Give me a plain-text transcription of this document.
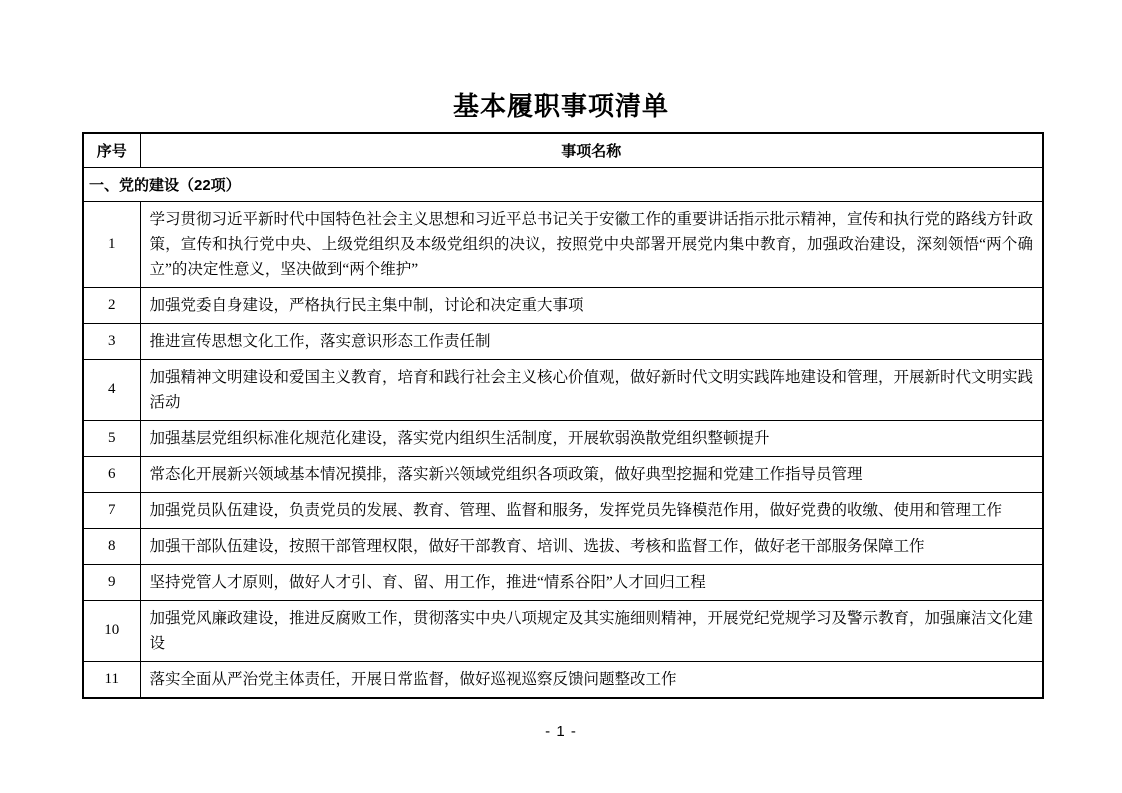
基本履职事项清单
序号	事项名称
一、党的建设（22项）	
1	学习贯彻习近平新时代中国特色社会主义思想和习近平总书记关于安徽工作的重要讲话指示批示精神，宣传和执行党的路线方针政策，宣传和执行党中央、上级党组织及本级党组织的决议，按照党中央部署开展党内集中教育，加强政治建设，深刻领悟“两个确立”的决定性意义，坚决做到“两个维护”
2	加强党委自身建设，严格执行民主集中制，讨论和决定重大事项
3	推进宣传思想文化工作，落实意识形态工作责任制
4	加强精神文明建设和爱国主义教育，培育和践行社会主义核心价值观，做好新时代文明实践阵地建设和管理，开展新时代文明实践活动
5	加强基层党组织标准化规范化建设，落实党内组织生活制度，开展软弱涣散党组织整顿提升
6	常态化开展新兴领域基本情况摸排，落实新兴领域党组织各项政策，做好典型挖掘和党建工作指导员管理
7	加强党员队伍建设，负责党员的发展、教育、管理、监督和服务，发挥党员先锋模范作用，做好党费的收缴、使用和管理工作
8	加强干部队伍建设，按照干部管理权限，做好干部教育、培训、选拔、考核和监督工作，做好老干部服务保障工作
9	坚持党管人才原则，做好人才引、育、留、用工作，推进“情系谷阳”人才回归工程
10	加强党风廉政建设，推进反腐败工作，贯彻落实中央八项规定及其实施细则精神，开展党纪党规学习及警示教育，加强廉洁文化建设
11	落实全面从严治党主体责任，开展日常监督，做好巡视巡察反馈问题整改工作
- 1 -
